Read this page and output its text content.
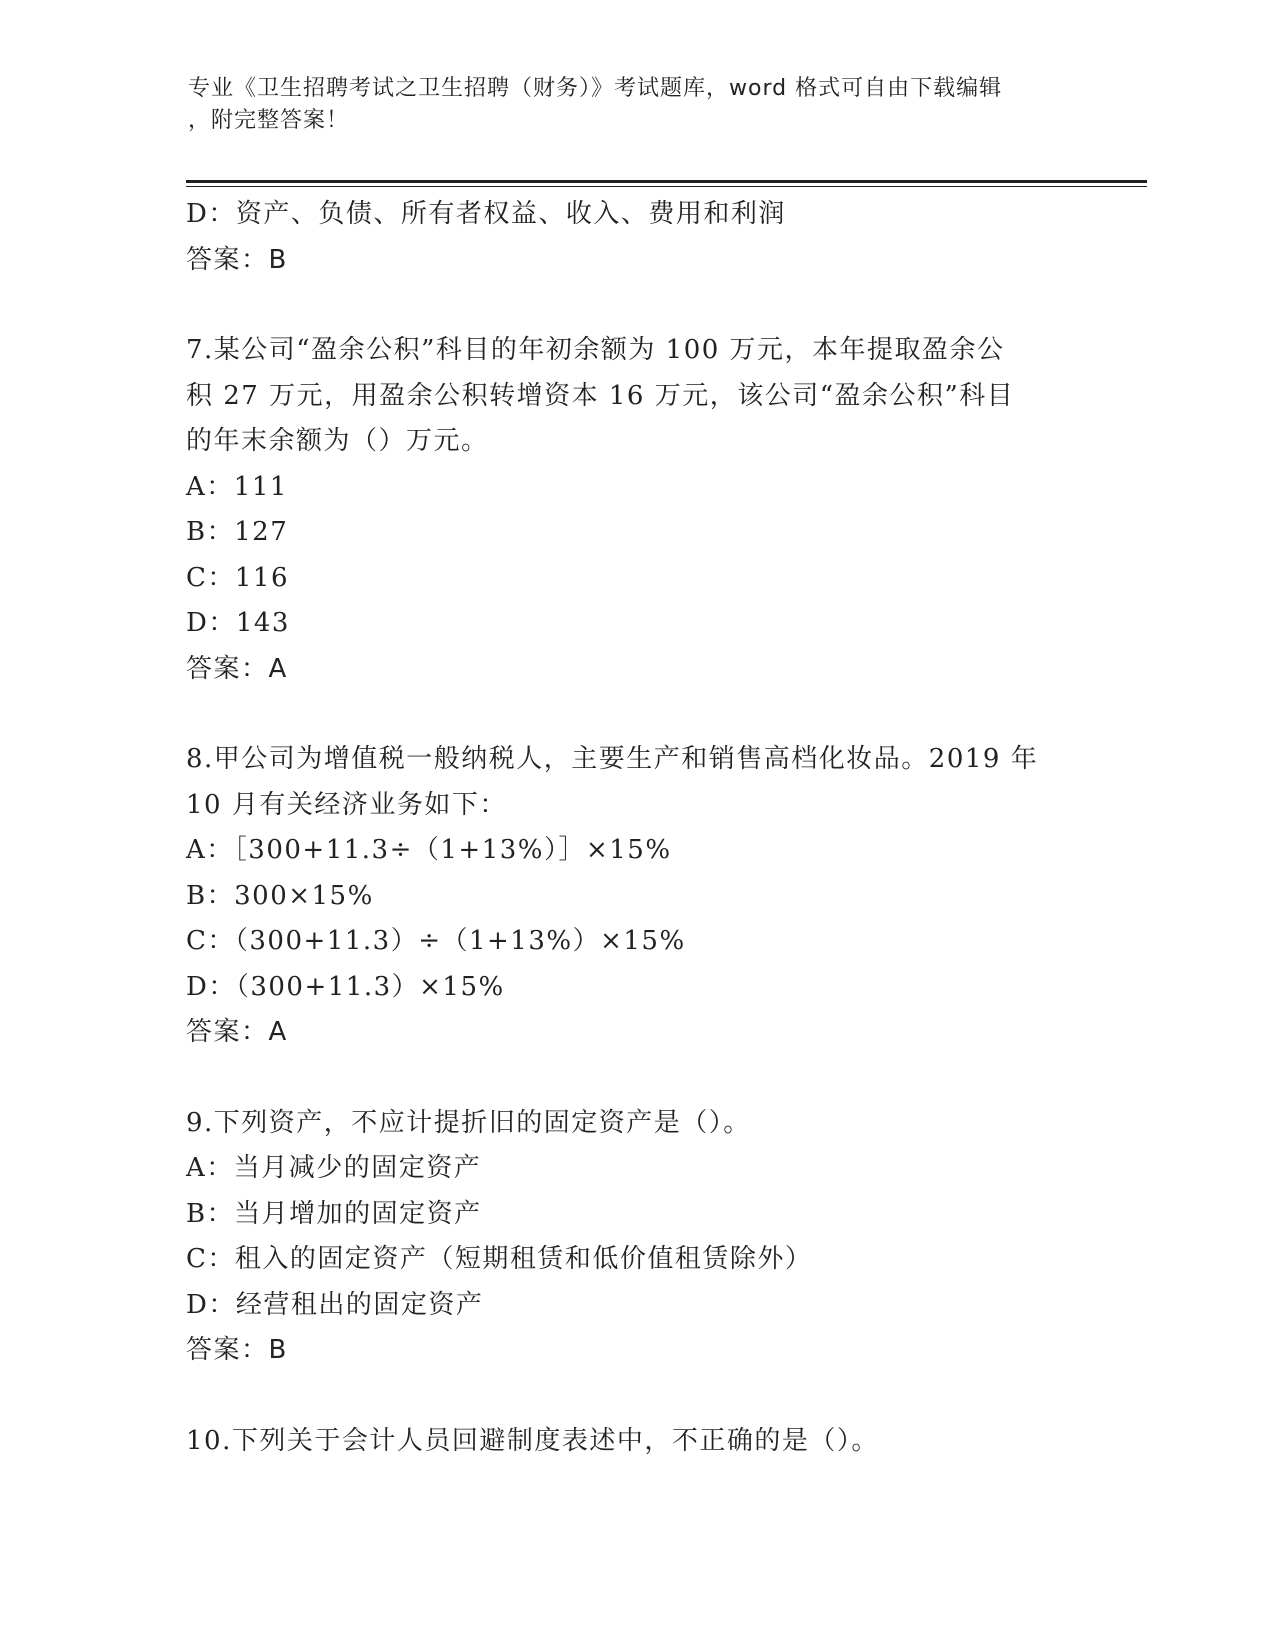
专业《卫生招聘考试之卫生招聘（财务）》考试题库，word 格式可自由下载编辑
，附完整答案！
D：资产、负债、所有者权益、收入、费用和利润
答案：B
7.某公司“盈余公积”科目的年初余额为 100 万元，本年提取盈余公
积 27 万元，用盈余公积转增资本 16 万元，该公司“盈余公积”科目
的年末余额为（）万元。
A：111
B：127
C：116
D：143
答案：A
8.甲公司为增值税一般纳税人，主要生产和销售高档化妆品。2019 年
10 月有关经济业务如下：
A：［300+11.3÷（1+13%）］×15%
B：300×15%
C：（300+11.3）÷（1+13%）×15%
D：（300+11.3）×15%
答案：A
9.下列资产，不应计提折旧的固定资产是（）。
A：当月减少的固定资产
B：当月增加的固定资产
C：租入的固定资产（短期租赁和低价值租赁除外）
D：经营租出的固定资产
答案：B
10.下列关于会计人员回避制度表述中，不正确的是（）。
